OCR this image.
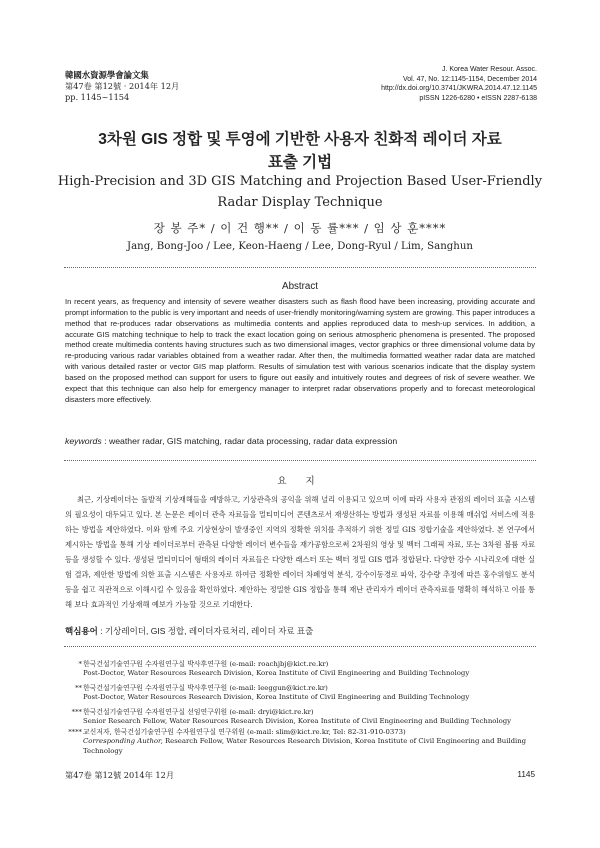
韓國水資源學會論文集
第47卷 第12號 · 2014年 12月
pp. 1145~1154
J. Korea Water Resour. Assoc.
Vol. 47, No. 12:1145-1154, December 2014
http://dx.doi.org/10.3741/JKWRA.2014.47.12.1145
pISSN 1226-6280 • eISSN 2287-6138
3차원 GIS 정합 및 투영에 기반한 사용자 친화적 레이더 자료
표출 기법
High-Precision and 3D GIS Matching and Projection Based User-Friendly
Radar Display Technique
장 봉 주* / 이 건 행** / 이 동 률*** / 임 상 훈****
Jang, Bong-Joo / Lee, Keon-Haeng / Lee, Dong-Ryul / Lim, Sanghun
Abstract
In recent years, as frequency and intensity of severe weather disasters such as flash flood have been increasing, providing accurate and prompt information to the public is very important and needs of user-friendly monitoring/warning system are growing. This paper introduces a method that re-produces radar observations as multimedia contents and applies reproduced data to mesh-up services. In addition, a accurate GIS matching technique to help to track the exact location going on serious atmospheric phenomena is presented. The proposed method create multimedia contents having structures such as two dimensional images, vector graphics or three dimensional volume data by re-producing various radar variables obtained from a weather radar. After then, the multimedia formatted weather radar data are matched with various detailed raster or vector GIS map platform. Results of simulation test with various scenarios indicate that the display system based on the proposed method can support for users to figure out easily and intuitively routes and degrees of risk of severe weather. We expect that this technique can also help for emergency manager to interpret radar observations properly and to forecast meteorological disasters more effectively.
keywords : weather radar, GIS matching, radar data processing, radar data expression
요 지

최근, 기상레이더는 돌발적 기상재해들을 예방하고, 기상관측의 공익을 위해 널리 이용되고 있으며 이에 따라 사용자 관점의 레이더 표출 시스템의 필요성이 대두되고 있다. 본 논문은 레이더 관측 자료들을 멀티미디어 콘텐츠로서 재생산하는 방법과 생성된 자료를 이용해 매쉬업 서비스에 적용하는 방법을 제안하였다. 이와 함께 주요 기상현상이 발생중인 지역의 정확한 위치를 추적하기 위한 정밀 GIS 정합기술을 제안하였다. 본 연구에서 제시하는 방법을 통해 기상 레이더로부터 관측된 다양한 레이더 변수들을 재가공함으로써 2차원의 영상 및 벡터 그래픽 자료, 또는 3차원 볼륨 자료 등을 생성할 수 있다. 생성된 멀티미디어 형태의 레이더 자료들은 다양한 래스터 또는 벡터 정밀 GIS 맵과 정합된다. 다양한 강수 시나리오에 대한 실험 결과, 제안한 방법에 의한 표출 시스템은 사용자로 하여금 정확한 레이더 차폐영역 분석, 강수이동경로 파악, 강수량 추정에 따른 홍수위험도 분석 등을 쉽고 직관적으로 이해시킬 수 있음을 확인하였다. 제안하는 정밀한 GIS 정합을 통해 재난 관리자가 레이더 관측자료를 명확히 해석하고 이를 통해 보다 효과적인 기상재해 예보가 가능할 것으로 기대한다.

핵심용어 : 기상레이더, GIS 정합, 레이더자료처리, 레이더 자료 표출
* 한국건설기술연구원 수자원연구실 박사후연구원 (e-mail: roachjbj@kict.re.kr)
Post-Doctor, Water Resources Research Division, Korea Institute of Civil Engineering and Building Technology
** 한국건설기술연구원 수자원연구실 박사후연구원 (e-mail: leeggun@kict.re.kr)
Post-Doctor, Water Resources Research Division, Korea Institute of Civil Engineering and Building Technology
*** 한국건설기술연구원 수자원연구실 선임연구위원 (e-mail: dryi@kict.re.kr)
Senior Research Fellow, Water Resources Research Division, Korea Institute of Civil Engineering and Building Technology
**** 교신저자, 한국건설기술연구원 수자원연구실 연구위원 (e-mail: slim@kict.re.kr, Tel: 82-31-910-0373)
Corresponding Author, Research Fellow, Water Resources Research Division, Korea Institute of Civil Engineering and Building Technology
第47卷 第12號 2014年 12月	1145
